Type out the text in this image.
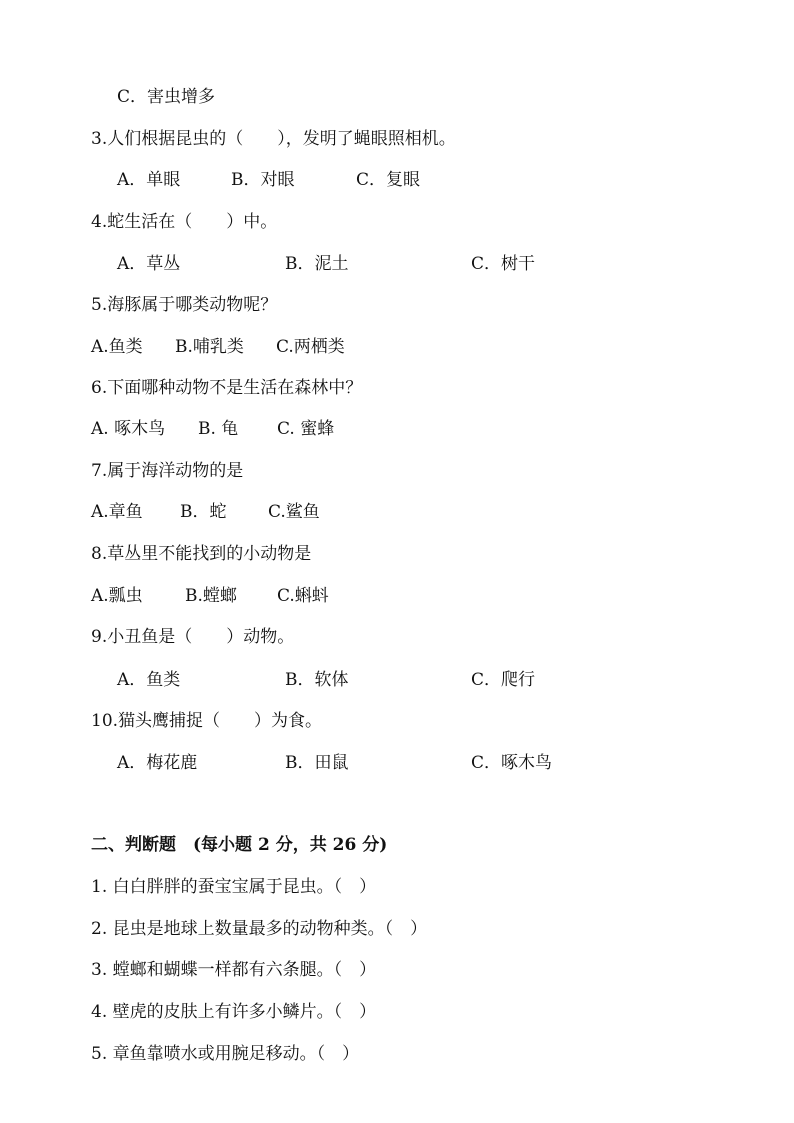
C．害虫增多
3.人们根据昆虫的（　　），发明了蝇眼照相机。
A．单眼	B．对眼	C．复眼
4.蛇生活在（　　）中。
A．草丛	B．泥土	C．树干
5.海豚属于哪类动物呢？
A.鱼类 B.哺乳类 C.两栖类
6.下面哪种动物不是生活在森林中？
A. 啄木鸟 B. 龟 C. 蜜蜂
7.属于海洋动物的是
A.章鱼 B．蛇 C.鲨鱼
8.草丛里不能找到的小动物是
A.瓢虫 B.螳螂 C.蝌蚪
9.小丑鱼是（　　）动物。
A．鱼类	B．软体	C．爬行
10.猫头鹰捕捉（　　）为食。
A．梅花鹿	B．田鼠	C．啄木鸟
二、判断题　(每小题 2 分，共 26 分)
1. 白白胖胖的蚕宝宝属于昆虫。（　）
2. 昆虫是地球上数量最多的动物种类。（　）
3. 螳螂和蝴蝶一样都有六条腿。（　）
4. 壁虎的皮肤上有许多小鳞片。（　）
5. 章鱼靠喷水或用腕足移动。（　）
